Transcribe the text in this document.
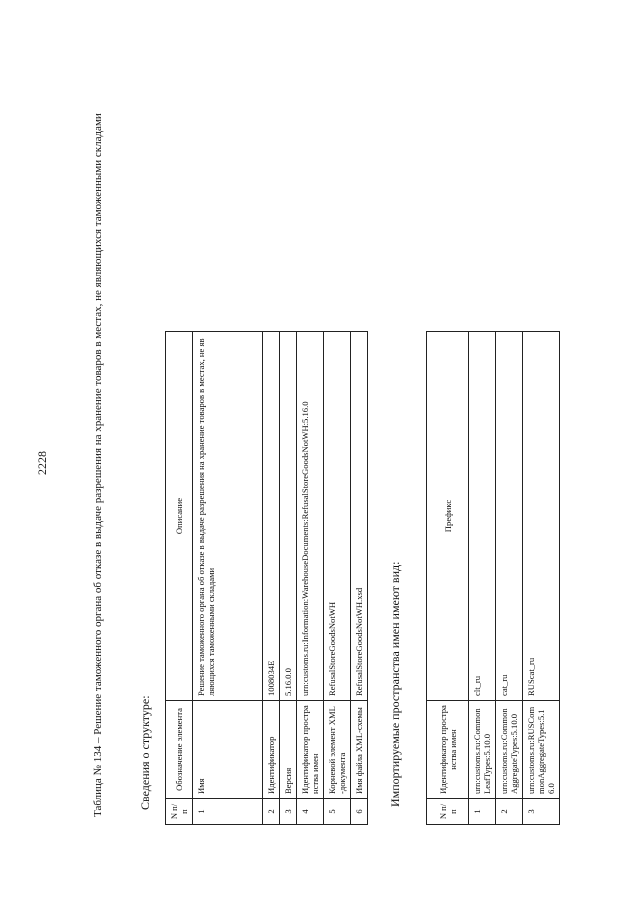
2228	Таблица № 134 – Решение таможенного органа об отказе в выдаче разрешения на хранение товаров в местах, не являющихся таможенными складами	Сведения о структуре:
N п/п	Обозначение элемента	Описание
1	Имя	Решение таможенного органа об отказе в выдаче разрешения на хранение товаров в местах, не являющихся таможенными складами
2	Идентификатор	1008034E
3	Версия	5.16.0.0
4	Идентификатор пространства имен	urn:customs.ru:Information:WarehouseDocuments:RefusalStoreGoodsNotWH:5.16.0
5	Корневой элемент XML-документа	RefusalStoreGoodsNotWH
6	Имя файла XML-схемы	RefusalStoreGoodsNotWH.xsd Импортируемые пространства имен имеют вид:
N п/п	Идентификатор пространства имен	Префикс
1	urn:customs.ru:CommonLeafTypes:5.10.0	clt_ru
2	urn:customs.ru:CommonAggregateTypes:5.10.0	cat_ru
3	urn:customs.ru:RUSCommonAggregateTypes:5.16.0	RUScat_ru
